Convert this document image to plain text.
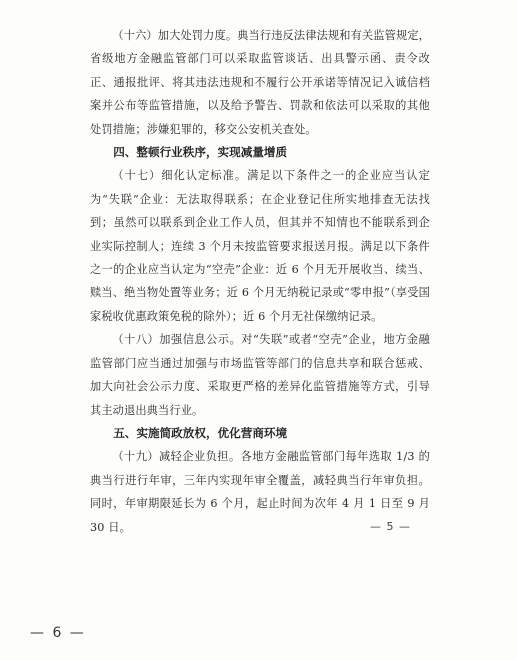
（十六）加大处罚力度。典当行违反法律法规和有关监管规定，省级地方金融监管部门可以采取监管谈话、出具警示函、责令改正、通报批评、将其违法违规和不履行公开承诺等情况记入诚信档案并公布等监管措施，以及给予警告、罚款和依法可以采取的其他处罚措施；涉嫌犯罪的，移交公安机关查处。

四、整顿行业秩序，实现减量增质

（十七）细化认定标准。满足以下条件之一的企业应当认定为“失联”企业：无法取得联系；在企业登记住所实地排查无法找到；虽然可以联系到企业工作人员，但其并不知情也不能联系到企业实际控制人；连续 3 个月未按监管要求报送月报。满足以下条件之一的企业应当认定为“空壳”企业：近 6 个月无开展收当、续当、赎当、绝当物处置等业务；近 6 个月无纳税记录或“零申报”（享受国家税收优惠政策免税的除外）；近 6 个月无社保缴纳记录。

（十八）加强信息公示。对“失联”或者“空壳”企业，地方金融监管部门应当通过加强与市场监管等部门的信息共享和联合惩戒、加大向社会公示力度、采取更严格的差异化监管措施等方式，引导其主动退出典当行业。

五、实施简政放权，优化营商环境

（十九）减轻企业负担。各地方金融监管部门每年选取 1/3 的典当行进行年审，三年内实现年审全覆盖，减轻典当行年审负担。同时，年审期限延长为 6 个月，起止时间为次年 4 月 1 日至 9 月 30 日。	— 5 —
— 6 —
